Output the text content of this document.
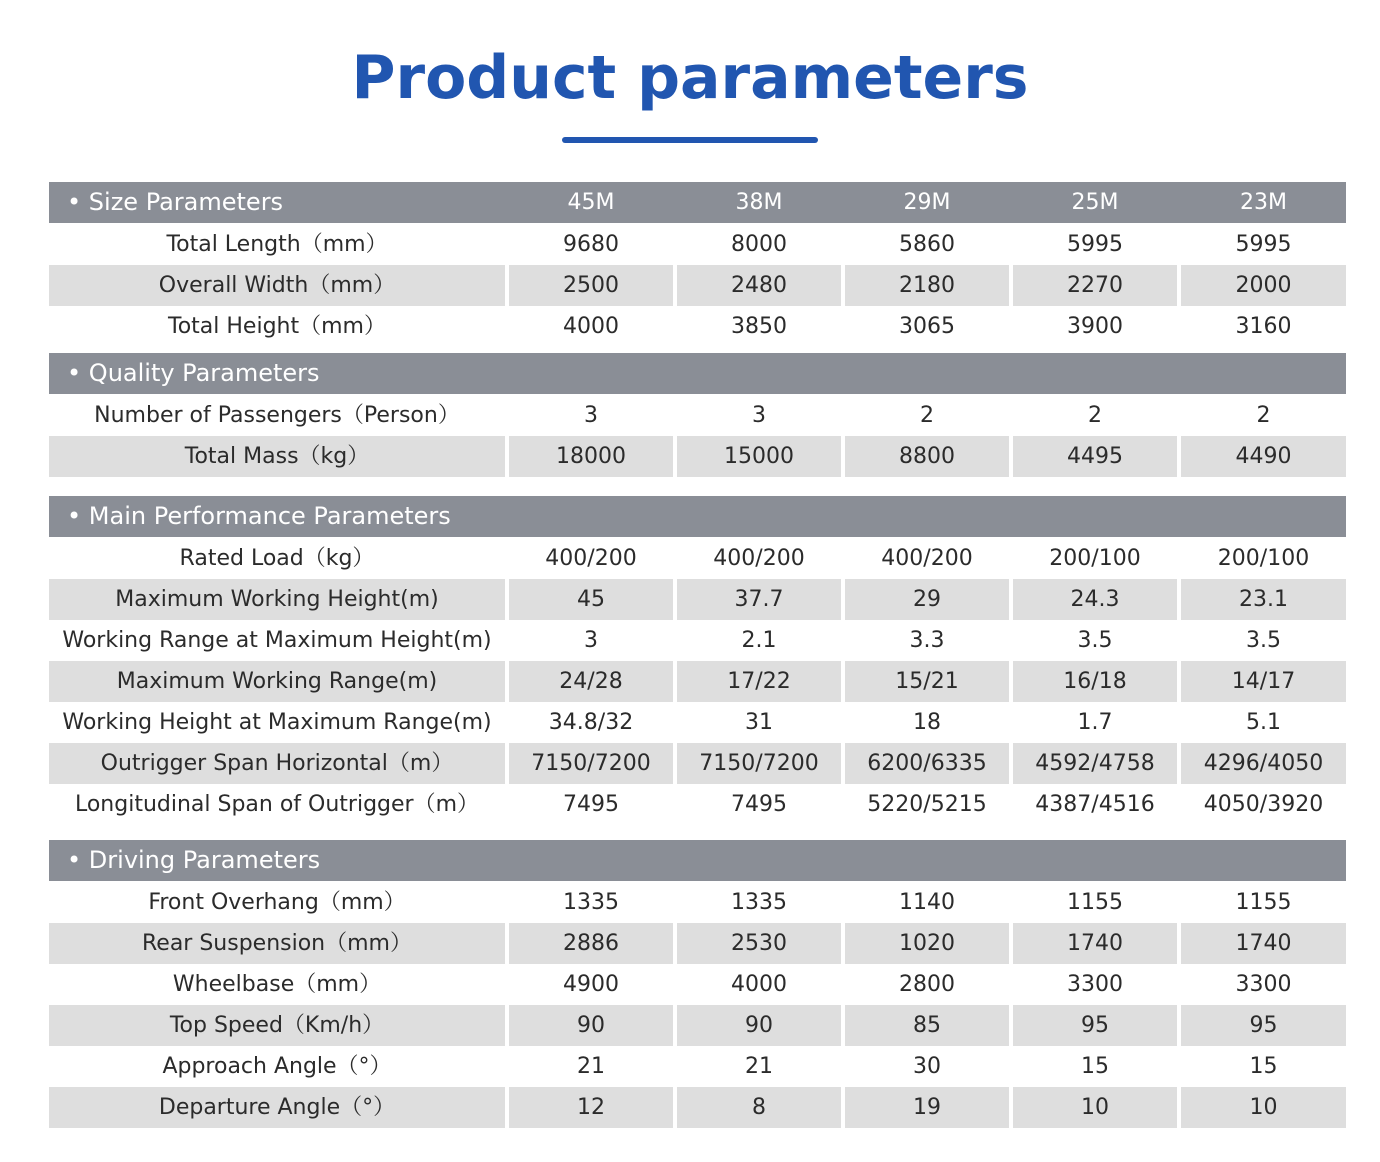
Product parameters
• Size Parameters	45M	38M	29M	25M	23M
Total Length（mm）	9680	8000	5860	5995	5995
Overall Width（mm）	2500	2480	2180	2270	2000
Total Height（mm）	4000	3850	3065	3900	3160
• Quality Parameters
Number of Passengers（Person）	3	3	2	2	2
Total Mass（kg）	18000	15000	8800	4495	4490
• Main Performance Parameters
Rated Load（kg）	400/200	400/200	400/200	200/100	200/100
Maximum Working Height(m)	45	37.7	29	24.3	23.1
Working Range at Maximum Height(m)	3	2.1	3.3	3.5	3.5
Maximum Working Range(m)	24/28	17/22	15/21	16/18	14/17
Working Height at Maximum Range(m)	34.8/32	31	18	1.7	5.1
Outrigger Span Horizontal（m）	7150/7200	7150/7200	6200/6335	4592/4758	4296/4050
Longitudinal Span of Outrigger（m）	7495	7495	5220/5215	4387/4516	4050/3920
• Driving Parameters
Front Overhang（mm）	1335	1335	1140	1155	1155
Rear Suspension（mm）	2886	2530	1020	1740	1740
Wheelbase（mm）	4900	4000	2800	3300	3300
Top Speed（Km/h）	90	90	85	95	95
Approach Angle（°）	21	21	30	15	15
Departure Angle（°）	12	8	19	10	10
